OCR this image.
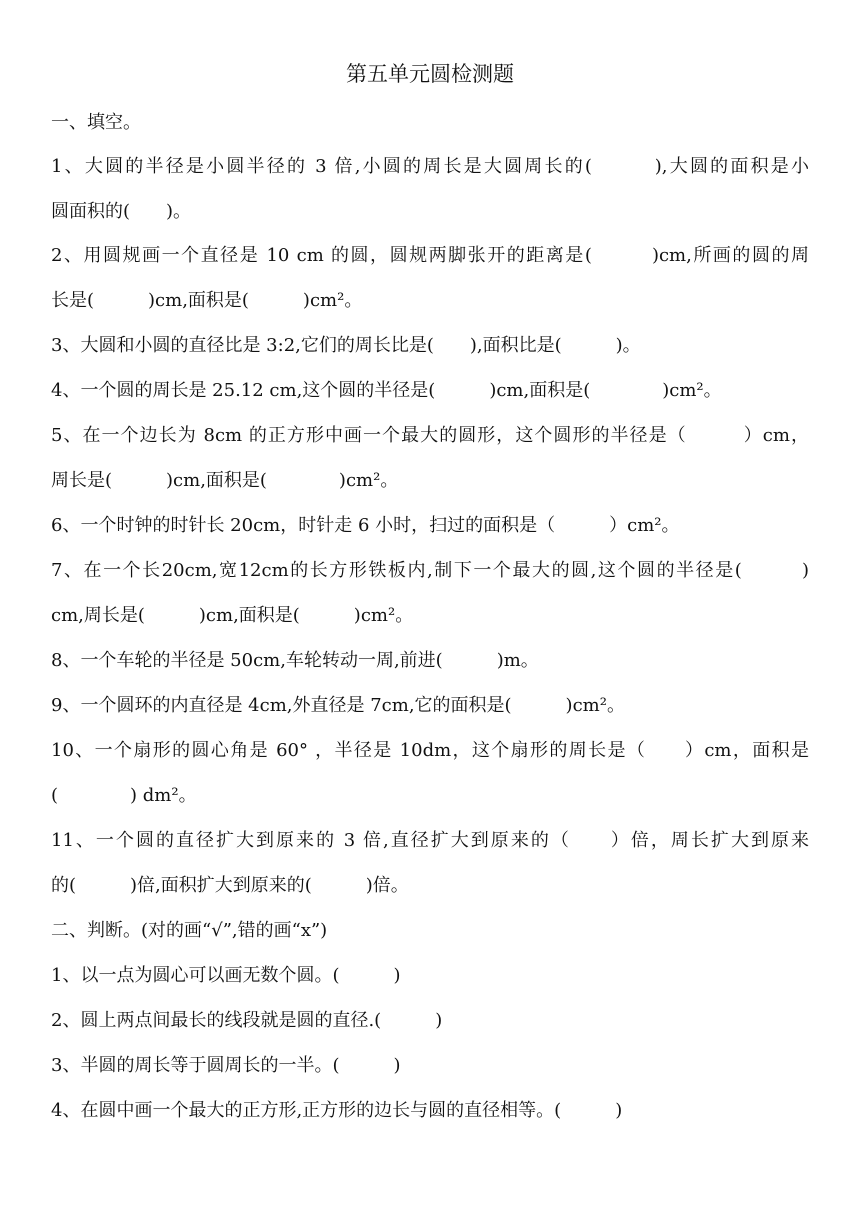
第五单元圆检测题
一、填空。
1、大圆的半径是小圆半径的 3 倍,小圆的周长是大圆周长的(　　　),大圆的面积是小
圆面积的(　　)。
2、用圆规画一个直径是 10 cm 的圆，圆规两脚张开的距离是(　　　)cm,所画的圆的周
长是(　　　)cm,面积是(　　　)cm²。
3、大圆和小圆的直径比是 3:2,它们的周长比是(　　),面积比是(　　　)。
4、一个圆的周长是 25.12 cm,这个圆的半径是(　　　)cm,面积是(　　　　)cm²。
5、在一个边长为 8cm 的正方形中画一个最大的圆形，这个圆形的半径是（　　　）cm，
周长是(　　　)cm,面积是(　　　　)cm²。
6、一个时钟的时针长 20cm，时针走 6 小时，扫过的面积是（　　　）cm²。
7、在一个长20cm,宽12cm的长方形铁板内,制下一个最大的圆,这个圆的半径是(　　　)
cm,周长是(　　　)cm,面积是(　　　)cm²。
8、一个车轮的半径是 50cm,车轮转动一周,前进(　　　)m。
9、一个圆环的内直径是 4cm,外直径是 7cm,它的面积是(　　　)cm²。
10、一个扇形的圆心角是 60° ，半径是 10dm，这个扇形的周长是（　　）cm，面积是
(　　　　) dm²。
11、一个圆的直径扩大到原来的 3 倍,直径扩大到原来的（　　）倍，周长扩大到原来
的(　　　)倍,面积扩大到原来的(　　　)倍。
二、判断。(对的画“√”,错的画“x”)
1、以一点为圆心可以画无数个圆。(　　　)
2、圆上两点间最长的线段就是圆的直径.(　　　)
3、半圆的周长等于圆周长的一半。(　　　)
4、在圆中画一个最大的正方形,正方形的边长与圆的直径相等。(　　　)
